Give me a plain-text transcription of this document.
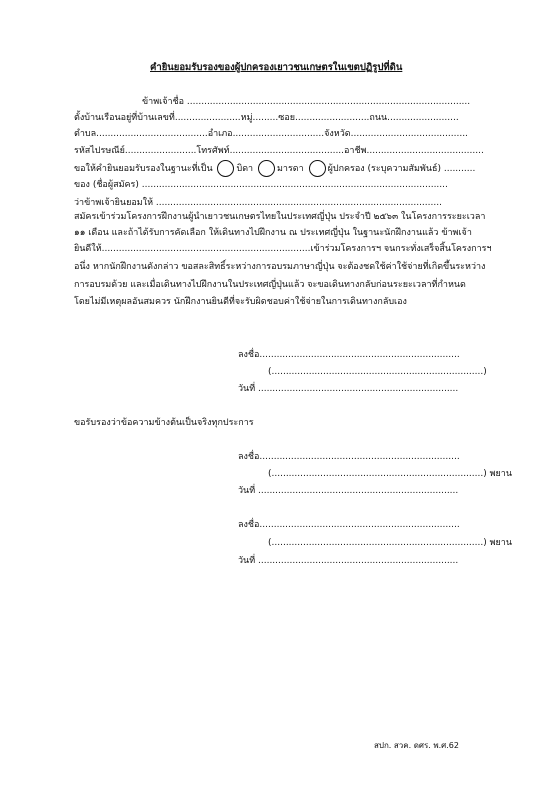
คำยินยอมรับรองของผู้ปกครองเยาวชนเกษตรในเขตปฏิรูปที่ดิน
ข้าพเจ้าชื่อ ...................................................................................................
ตั้งบ้านเรือนอยู่ที่บ้านเลขที่.......................หมู่.........ซอย..........................ถนน.........................
ตำบล.......................................อำเภอ................................จังหวัด.........................................
รหัสไปรษณีย์.........................โทรศัพท์........................................อาชีพ.........................................
ขอให้คำยินยอมรับรองในฐานะที่เป็น	บิดา	มารดา	ผู้ปกครอง (ระบุความสัมพันธ์) ...........
ของ (ชื่อผู้สมัคร) ...........................................................................................................
ว่าข้าพเจ้ายินยอมให้ ....................................................................................................
สมัครเข้าร่วมโครงการฝึกงานผู้นำเยาวชนเกษตรไทยในประเทศญี่ปุ่น ประจำปี ๒๕๖๓ ในโครงการระยะเวลา
๑๑ เดือน และถ้าได้รับการคัดเลือก ให้เดินทางไปฝึกงาน ณ ประเทศญี่ปุ่น ในฐานะนักฝึกงานแล้ว ข้าพเจ้า
ยินดีให้.........................................................................เข้าร่วมโครงการฯ จนกระทั่งเสร็จสิ้นโครงการฯ
อนึ่ง หากนักฝึกงานดังกล่าว ขอสละสิทธิ์ระหว่างการอบรมภาษาญี่ปุ่น จะต้องชดใช้ค่าใช้จ่ายที่เกิดขึ้นระหว่าง
การอบรมด้วย และเมื่อเดินทางไปฝึกงานในประเทศญี่ปุ่นแล้ว จะขอเดินทางกลับก่อนระยะเวลาที่กำหนด
โดยไม่มีเหตุผลอันสมควร นักฝึกงานยินดีที่จะรับผิดชอบค่าใช้จ่ายในการเดินทางกลับเอง
ลงชื่อ......................................................................
(..........................................................................)
วันที่ ......................................................................
ขอรับรองว่าข้อความข้างต้นเป็นจริงทุกประการ
ลงชื่อ......................................................................
(..........................................................................) พยาน
วันที่ ......................................................................
ลงชื่อ......................................................................
(..........................................................................) พยาน
วันที่ ......................................................................
สปก. สวค. ดศร. พ.ศ.62
